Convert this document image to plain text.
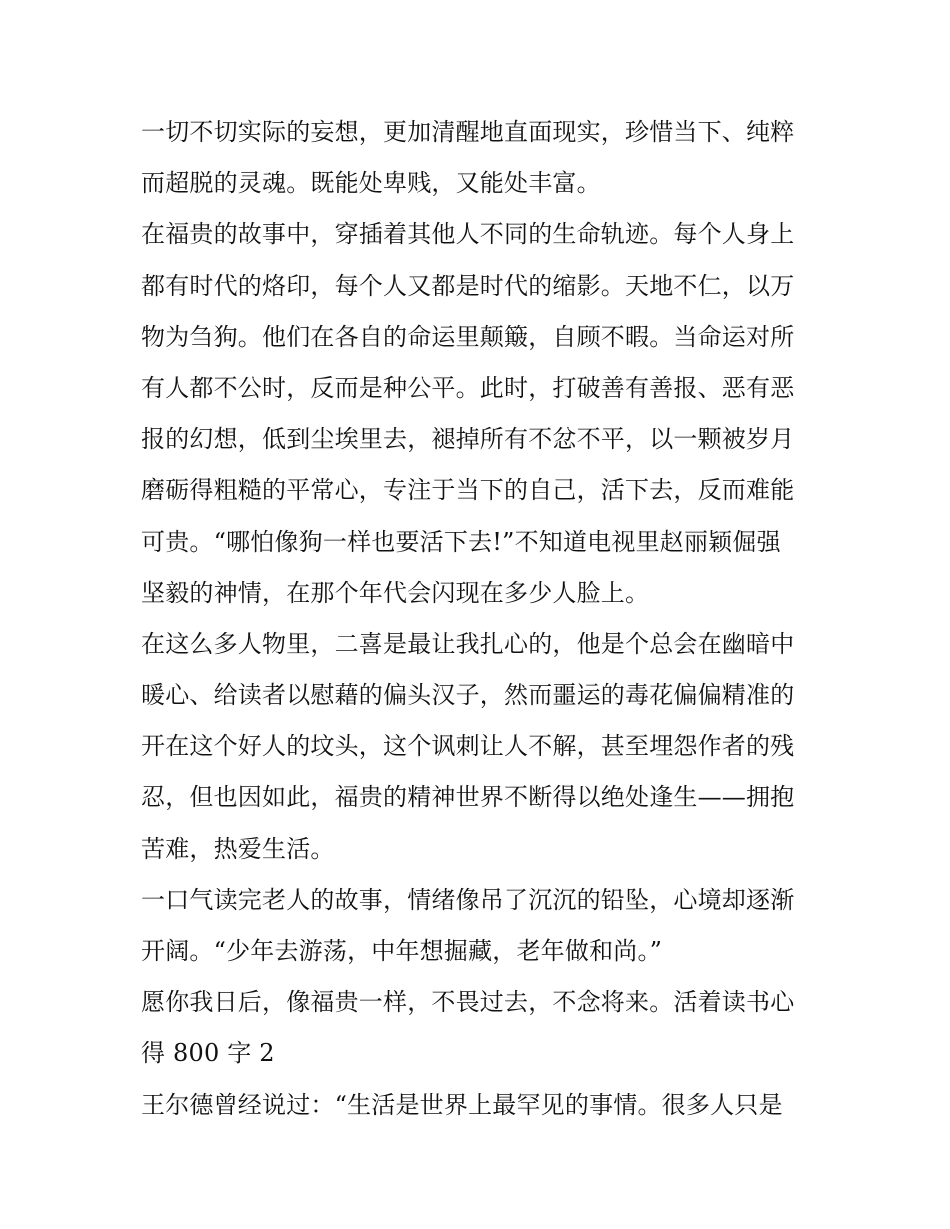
一切不切实际的妄想，更加清醒地直面现实，珍惜当下、纯粹
而超脱的灵魂。既能处卑贱，又能处丰富。
在福贵的故事中，穿插着其他人不同的生命轨迹。每个人身上
都有时代的烙印，每个人又都是时代的缩影。天地不仁，以万
物为刍狗。他们在各自的命运里颠簸，自顾不暇。当命运对所
有人都不公时，反而是种公平。此时，打破善有善报、恶有恶
报的幻想，低到尘埃里去，褪掉所有不忿不平，以一颗被岁月
磨砺得粗糙的平常心，专注于当下的自己，活下去，反而难能
可贵。“哪怕像狗一样也要活下去!”不知道电视里赵丽颖倔强
坚毅的神情，在那个年代会闪现在多少人脸上。
在这么多人物里，二喜是最让我扎心的，他是个总会在幽暗中
暖心、给读者以慰藉的偏头汉子，然而噩运的毒花偏偏精准的
开在这个好人的坟头，这个讽刺让人不解，甚至埋怨作者的残
忍，但也因如此，福贵的精神世界不断得以绝处逢生——拥抱
苦难，热爱生活。
一口气读完老人的故事，情绪像吊了沉沉的铅坠，心境却逐渐
开阔。“少年去游荡，中年想掘藏，老年做和尚。”
愿你我日后，像福贵一样，不畏过去，不念将来。活着读书心
得 800 字 2
王尔德曾经说过：“生活是世界上最罕见的事情。很多人只是
